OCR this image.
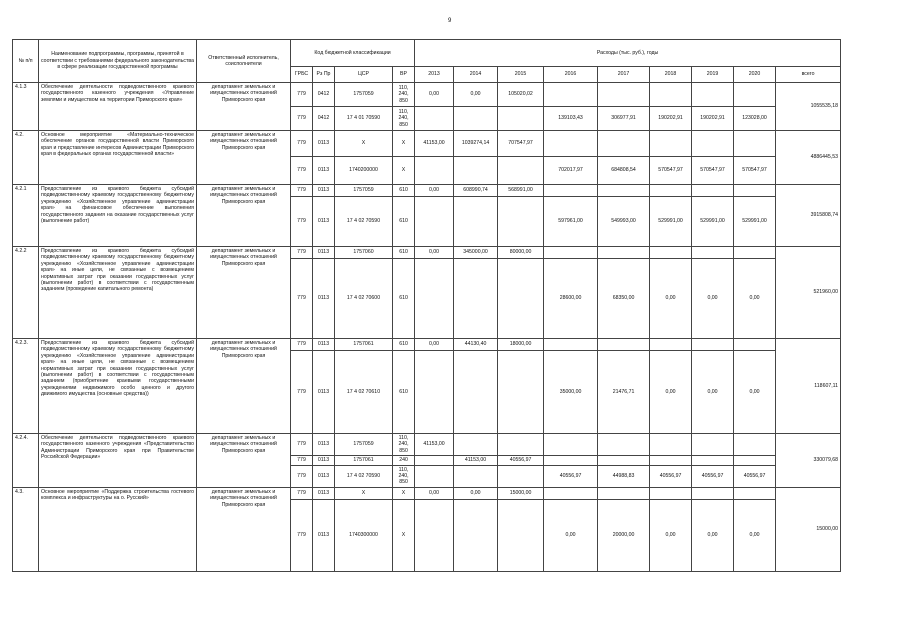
9
№ п/п	Наименование подпрограммы, программы, принятой в соответствии с требованиями федерального законодательства в сфере реализации государственной программы	Ответственный исполнитель, соисполнители	Код бюджетной классификации				Расходы (тыс. руб.), годы								
			ГРБС	Рз Пр	ЦСР	ВР	2013	2014	2015	2016	2017	2018	2019	2020	всего
4.1.3	Обеспечение деятельности подведомственного краевого государственного казенного учреждения «Управление землями и имуществом на территории Приморского края»	департамент земельных и имущественных отношений Приморского края	779	0412	1757059	110, 240, 850	0,00	0,00	105020,02						1055535,18
			779	0412	17 4 01 70590	110, 240, 850				139103,43	306977,91	190202,91	190202,91	123028,00	
4.2.	Основное мероприятие «Материально-техническое обеспечение органов государственной власти Приморского края и представление интересов Администрации Приморского края в федеральных органах государственной власти»	департамент земельных и имущественных отношений Приморского края	779	0113	X	X	41153,00	1039274,14	707547,97						4886445,53
			779	0113	1740200000	X				702017,97	684808,54	570547,97	570547,97	570547,97	
4.2.1	Предоставление из краевого бюджета субсидий подведомственному краевому государственному бюджетному учреждению «Хозяйственное управление администрации края» на финансовое обеспечение выполнения государственного задания на оказание государственных услуг (выполнение работ)	департамент земельных и имущественных отношений Приморского края	779	0113	1757059	610	0,00	608990,74	568991,00						3915808,74
			779	0113	17 4 02 70590	610				597961,00	549993,00	529991,00	529991,00	529991,00	
4.2.2	Предоставление из краевого бюджета субсидий подведомственному краевому государственному бюджетному учреждению «Хозяйственное управление администрации края» на иные цели, не связанные с возмещением нормативных затрат при оказании государственных услуг (выполнении работ) в соответствии с государственным заданием (проведение капитального ремонта)	департамент земельных и имущественных отношений Приморского края	779	0113	1757060	610	0,00	345000,00	80000,00						521960,00
			779	0113	17 4 02 70600	610				28600,00	68350,00	0,00	0,00	0,00	
4.2.3.	Предоставление из краевого бюджета субсидий подведомственному краевому государственному бюджетному учреждению «Хозяйственное управление администрации края» на иные цели, не связанные с возмещением нормативных затрат при оказании государственных услуг (выполнении работ) в соответствии с государственным заданием (приобретение краевыми государственными учреждениями недвижимого особо ценного и другого движимого имущества (основные средства))	департамент земельных и имущественных отношений Приморского края	779	0113	1757061	610	0,00	44130,40	18000,00						118607,11
			779	0113	17 4 02 70610	610				35000,00	21476,71	0,00	0,00	0,00	
4.2.4.	Обеспечение деятельности подведомственного краевого государственного казенного учреждения «Представительство Администрации Приморского края при Правительстве Российской Федерации»	департамент земельных и имущественных отношений Приморского края	779	0113	1757059	110, 240, 850	41153,00								330079,68
			779	0113	1757061	240		41153,00	40556,97						
			779	0113	17 4 02 70590	110, 240, 850				40556,97	44988,83	40556,97	40556,97	40556,97	
4.3.	Основное мероприятие «Поддержка строительства гостевого комплекса и инфраструктуры на о. Русский»	департамент земельных и имущественных отношений Приморского края	779	0113	X	X	0,00	0,00	15000,00						15000,00
			779	0113	1740300000	X				0,00	20000,00	0,00	0,00	0,00	
